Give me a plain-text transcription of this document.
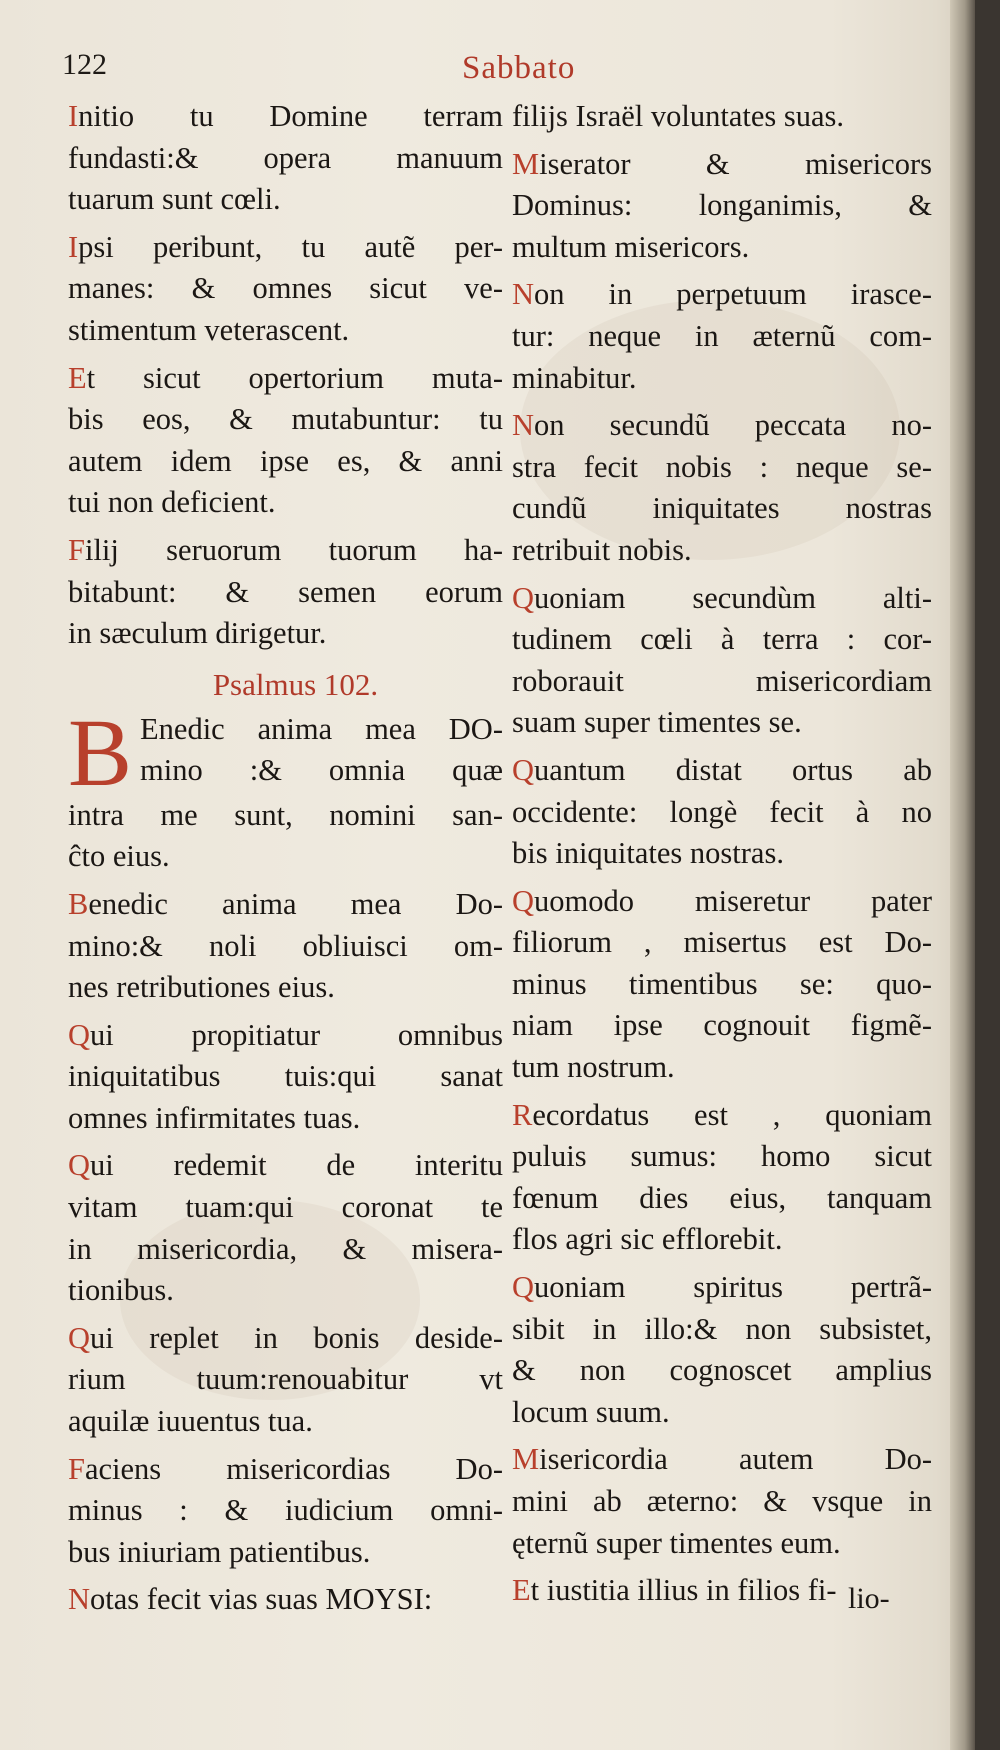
122	Sabbato
Initio tu Domine terram
fundasti:& opera manuum
tuarum sunt cœli.
Ipsi peribunt, tu autẽ per-
manes: & omnes sicut ve-
stimentum veterascent.
Et sicut opertorium muta-
bis eos, & mutabuntur: tu
autem idem ipse es, & anni
tui non deficient.
Filij seruorum tuorum ha-
bitabunt: & semen eorum
in sæculum dirigetur.
Psalmus 102.
B Enedic anima mea DO-
mino :& omnia quæ
intra me sunt, nomini san-
ĉto eius.
Benedic anima mea Do-
mino:& noli obliuisci om-
nes retributiones eius.
Qui propitiatur omnibus
iniquitatibus tuis:qui sanat
omnes infirmitates tuas.
Qui redemit de interitu
vitam tuam:qui coronat te
in misericordia, & misera-
tionibus.
Qui replet in bonis deside-
rium tuum:renouabitur vt
aquilæ iuuentus tua.
Faciens misericordias Do-
minus : & iudicium omni-
bus iniuriam patientibus.
Notas fecit vias suas MOYSI:
filijs Israël voluntates suas.
Miserator & misericors
Dominus: longanimis, &
multum misericors.
Non in perpetuum irasce-
tur: neque in æternũ com-
minabitur.
Non secundũ peccata no-
stra fecit nobis : neque se-
cundũ iniquitates nostras
retribuit nobis.
Quoniam secundùm alti-
tudinem cœli à terra : cor-
roborauit misericordiam
suam super timentes se.
Quantum distat ortus ab
occidente: longè fecit à no
bis iniquitates nostras.
Quomodo miseretur pater
filiorum , misertus est Do-
minus timentibus se: quo-
niam ipse cognouit figmẽ-
tum nostrum.
Recordatus est , quoniam
puluis sumus: homo sicut
fœnum dies eius, tanquam
flos agri sic efflorebit.
Quoniam spiritus pertrã-
sibit in illo:& non subsistet,
& non cognoscet amplius
locum suum.
Misericordia autem Do-
mini ab æterno: & vsque in
ęternũ super timentes eum.
Et iustitia illius in filios fi- lio-
